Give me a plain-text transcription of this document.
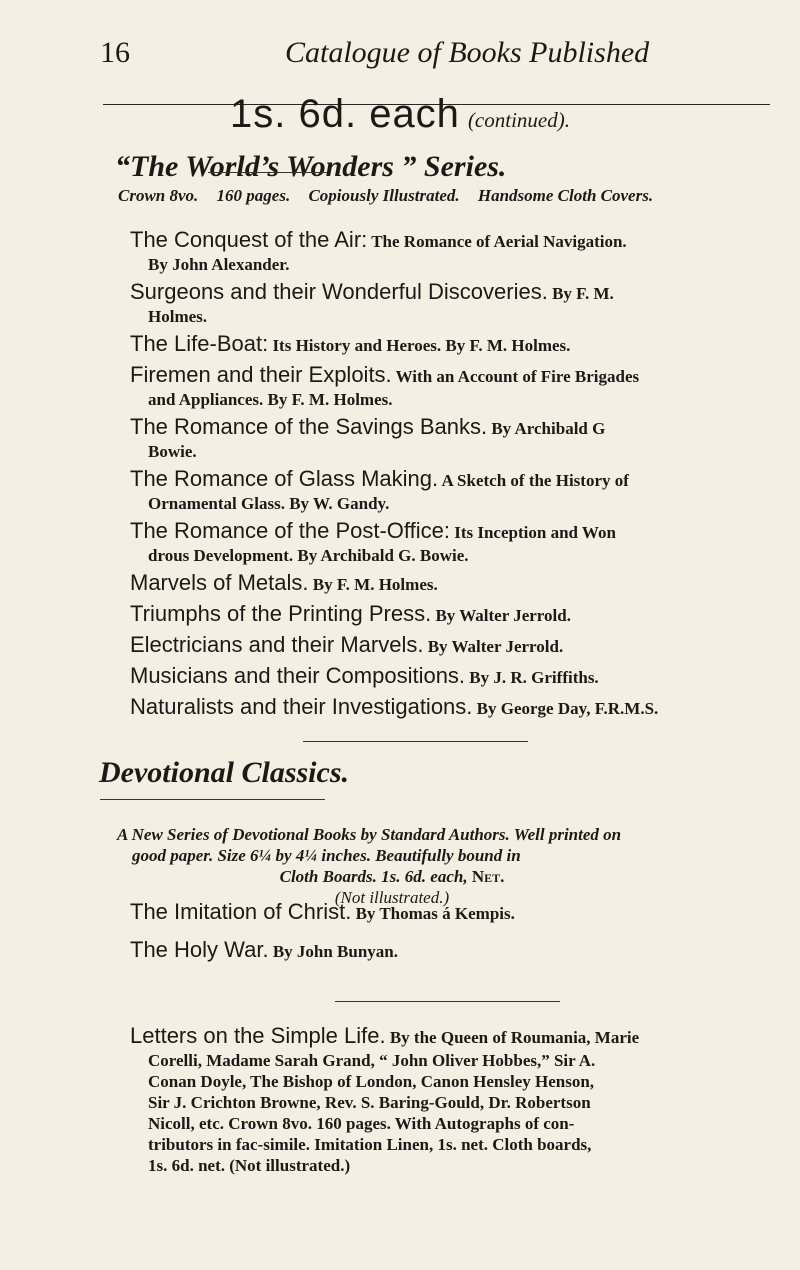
16	Catalogue of Books Published
1s. 6d. each (continued).
“The World’s Wonders ” Series.
Crown 8vo. 160 pages. Copiously Illustrated. Handsome Cloth Covers.
The Conquest of the Air: The Romance of Aerial Navigation.
By John Alexander.
Surgeons and their Wonderful Discoveries. By F. M.
Holmes.
The Life-Boat: Its History and Heroes. By F. M. Holmes.
Firemen and their Exploits. With an Account of Fire Brigades
and Appliances. By F. M. Holmes.
The Romance of the Savings Banks. By Archibald G
Bowie.
The Romance of Glass Making. A Sketch of the History of
Ornamental Glass. By W. Gandy.
The Romance of the Post-Office: Its Inception and Won
drous Development. By Archibald G. Bowie.
Marvels of Metals. By F. M. Holmes.
Triumphs of the Printing Press. By Walter Jerrold.
Electricians and their Marvels. By Walter Jerrold.
Musicians and their Compositions. By J. R. Griffiths.
Naturalists and their Investigations. By George Day, F.R.M.S.
Devotional Classics.
A New Series of Devotional Books by Standard Authors. Well printed on
good paper. Size 6¼ by 4¼ inches. Beautifully bound in
Cloth Boards. 1s. 6d. each, Net.
(Not illustrated.)
The Imitation of Christ. By Thomas á Kempis.
The Holy War. By John Bunyan.
Letters on the Simple Life. By the Queen of Roumania, Marie
Corelli, Madame Sarah Grand, “ John Oliver Hobbes,” Sir A.
Conan Doyle, The Bishop of London, Canon Hensley Henson,
Sir J. Crichton Browne, Rev. S. Baring-Gould, Dr. Robertson
Nicoll, etc. Crown 8vo. 160 pages. With Autographs of con-
tributors in fac-simile. Imitation Linen, 1s. net. Cloth boards,
1s. 6d. net. (Not illustrated.)
